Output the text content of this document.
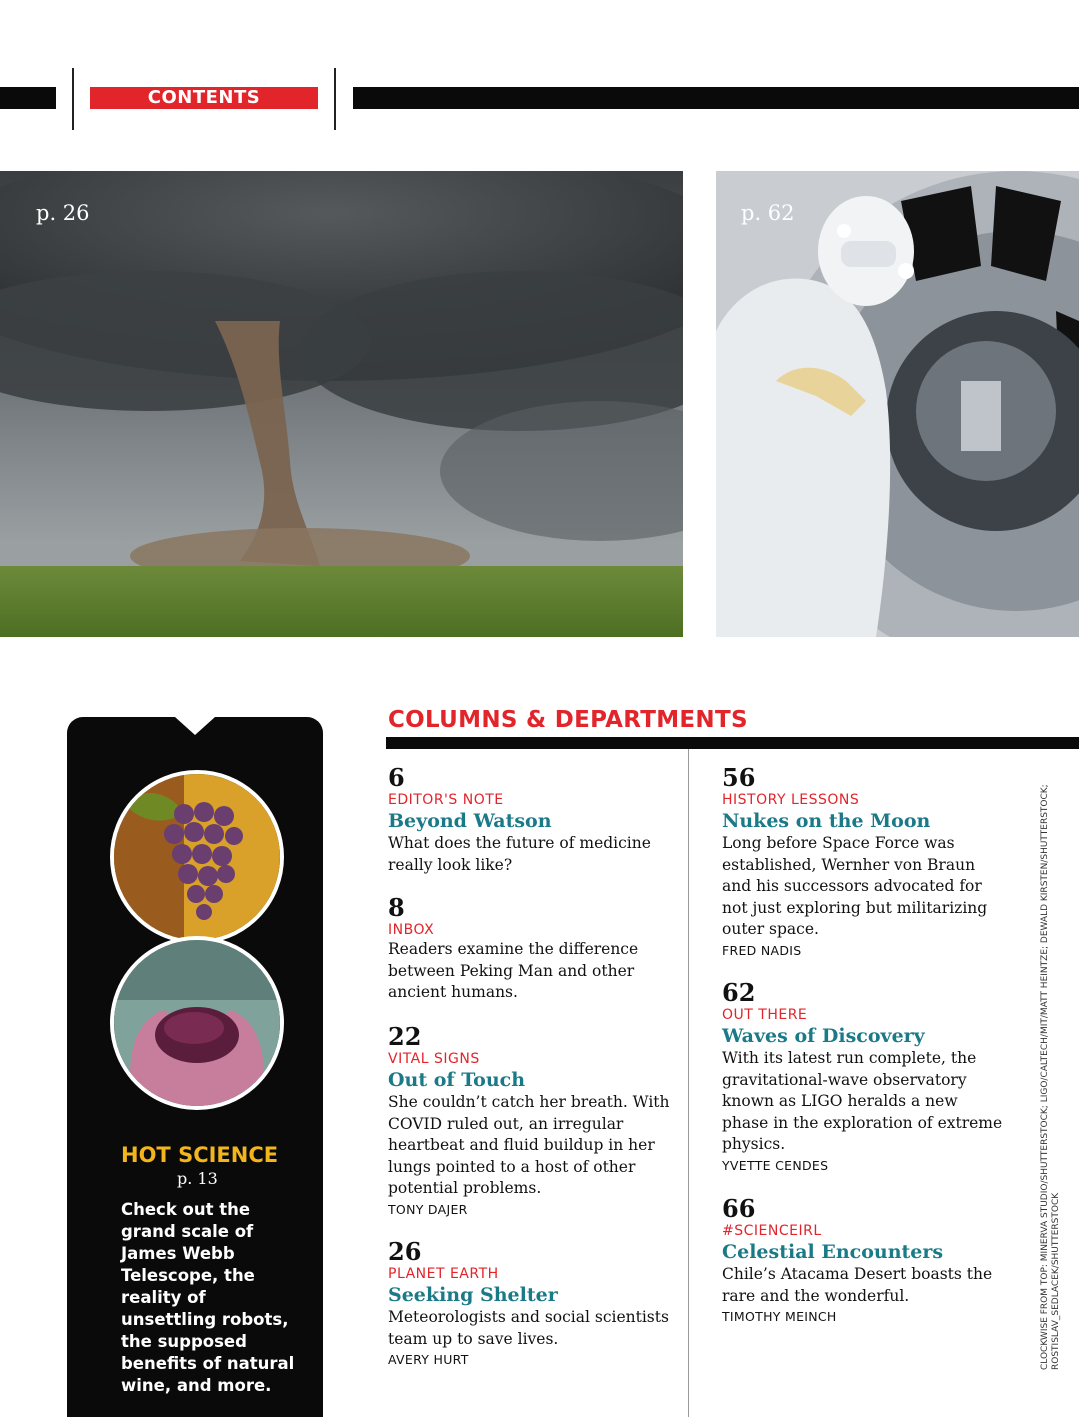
CONTENTS
p. 26	p. 62
HOT SCIENCE
p. 13
Check out the grand scale of James Webb Telescope, the reality of unsettling robots, the supposed benefits of natural wine, and more.
COLUMNS & DEPARTMENTS
6
EDITOR'S NOTE
Beyond Watson
What does the future of medicine really look like?
8
INBOX
Readers examine the difference between Peking Man and other ancient humans.
22
VITAL SIGNS
Out of Touch
She couldn’t catch her breath. With COVID ruled out, an irregular heartbeat and fluid buildup in her lungs pointed to a host of other potential problems.
TONY DAJER
26
PLANET EARTH
Seeking Shelter
Meteorologists and social scientists team up to save lives.
AVERY HURT
56
HISTORY LESSONS
Nukes on the Moon
Long before Space Force was established, Wernher von Braun and his successors advocated for not just exploring but militarizing outer space.
FRED NADIS
62
OUT THERE
Waves of Discovery
With its latest run complete, the gravitational-wave observatory known as LIGO heralds a new phase in the exploration of extreme physics.
YVETTE CENDES
66
#SCIENCEIRL
Celestial Encounters
Chile’s Atacama Desert boasts the rare and the wonderful.
TIMOTHY MEINCH	CLOCKWISE FROM TOP: MINERVA STUDIO/SHUTTERSTOCK; LIGO/CALTECH/MIT/MATT HEINTZE; DEWALD KIRSTEN/SHUTTERSTOCK; ROSTISLAV_SEDLACEK/SHUTTERSTOCK
